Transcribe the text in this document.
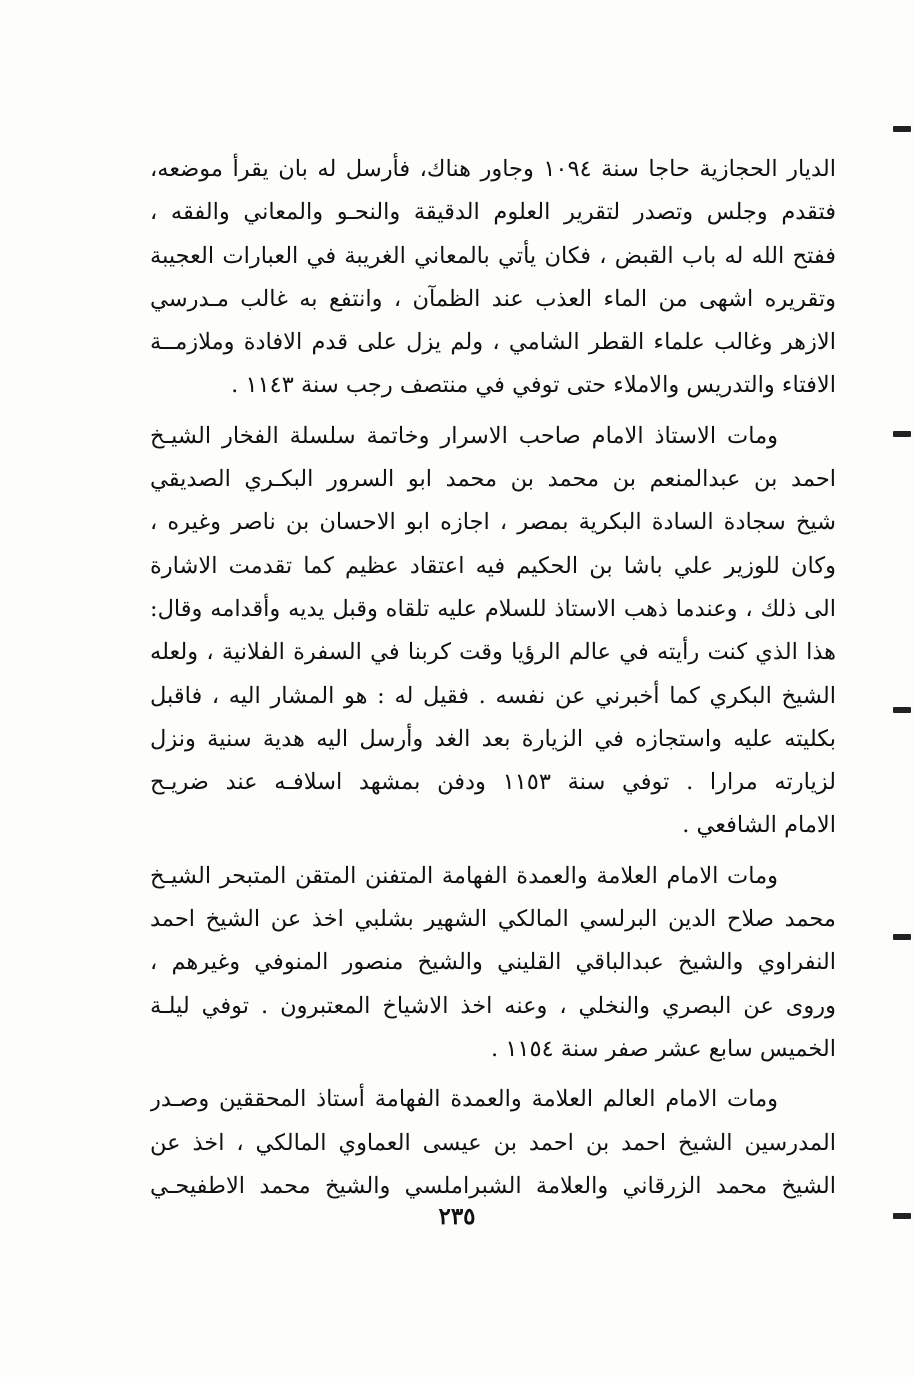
الديار الحجازية حاجا سنة ١٠٩٤ وجاور هناك، فأرسل له بان يقرأ موضعه،
فتقدم وجلس وتصدر لتقرير العلوم الدقيقة والنحـو والمعاني والفقه ،
ففتح الله له باب القبض ، فكان يأتي بالمعاني الغريبة في العبارات العجيبة
وتقريره اشهى من الماء العذب عند الظمآن ، وانتفع به غالب مـدرسي
الازهر وغالب علماء القطر الشامي ، ولم يزل على قدم الافادة وملازمــة
الافتاء والتدريس والاملاء حتى توفي في منتصف رجب سنة ١١٤٣ .
ومات الاستاذ الامام صاحب الاسرار وخاتمة سلسلة الفخار الشيـخ
احمد بن عبدالمنعم بن محمد بن محمد ابو السرور البكـري الصديقي
شيخ سجادة السادة البكرية بمصر ، اجازه ابو الاحسان بن ناصر وغيره ،
وكان للوزير علي باشا بن الحكيم فيه اعتقاد عظيم كما تقدمت الاشارة
الى ذلك ، وعندما ذهب الاستاذ للسلام عليه تلقاه وقبل يديه وأقدامه وقال:
هذا الذي كنت رأيته في عالم الرؤيا وقت كربنا في السفرة الفلانية ، ولعله
الشيخ البكري كما أخبرني عن نفسه . فقيل له : هو المشار اليه ، فاقبل
بكليته عليه واستجازه في الزيارة بعد الغد وأرسل اليه هدية سنية ونزل
لزيارته مرارا . توفي سنة ١١٥٣ ودفن بمشهد اسلافـه عند ضريـح
الامام الشافعي .
ومات الامام العلامة والعمدة الفهامة المتفنن المتقن المتبحر الشيـخ
محمد صلاح الدين البرلسي المالكي الشهير بشلبي اخذ عن الشيخ احمد
النفراوي والشيخ عبدالباقي القليني والشيخ منصور المنوفي وغيرهم ،
وروى عن البصري والنخلي ، وعنه اخذ الاشياخ المعتبرون . توفي ليلـة
الخميس سابع عشر صفر سنة ١١٥٤ .
ومات الامام العالم العلامة والعمدة الفهامة أستاذ المحققين وصـدر
المدرسين الشيخ احمد بن احمد بن عيسى العماوي المالكي ، اخذ عن
الشيخ محمد الزرقاني والعلامة الشبراملسي والشيخ محمد الاطفيحـي
٢٣٥
